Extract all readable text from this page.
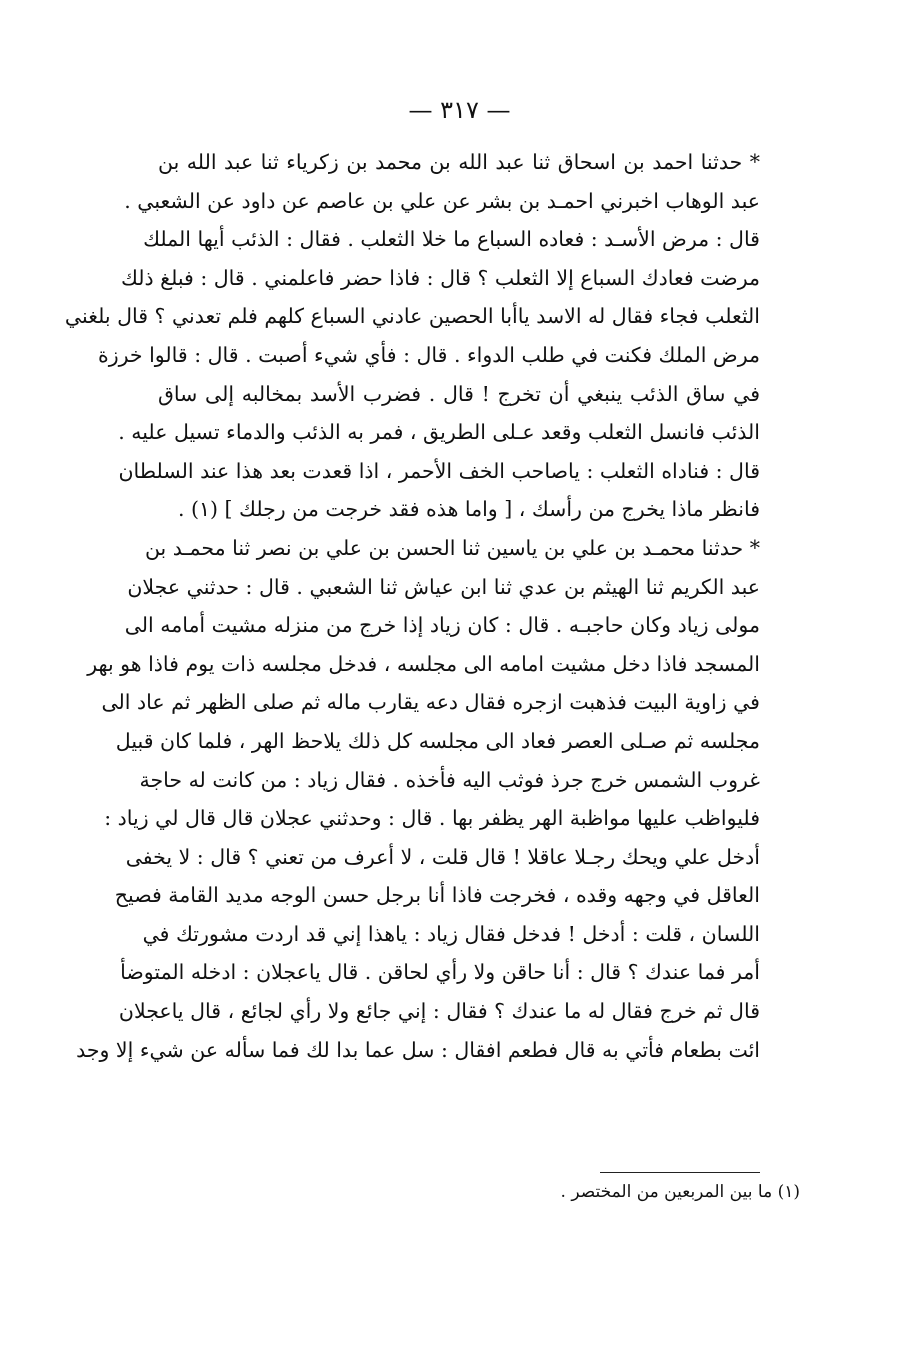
— ٣١٧ —
* حدثنا احمد بن اسحاق ثنا عبد الله بن محمد بن زكرياء ثنا عبد الله بن
عبد الوهاب اخبرني احمـد بن بشر عن علي بن عاصم عن داود عن الشعبي .
قال : مرض الأسـد : فعاده السباع ما خلا الثعلب . فقال : الذئب أيها الملك
مرضت فعادك السباع إلا الثعلب ؟ قال : فاذا حضر فاعلمني . قال : فبلغ ذلك
الثعلب فجاء فقال له الاسد ياأبا الحصين عادني السباع كلهم فلم تعدني ؟ قال بلغني
مرض الملك فكنت في طلب الدواء . قال : فأي شيء أصبت . قال : قالوا خرزة
في ساق الذئب ينبغي أن تخرج ! قال . فضرب الأسد بمخالبه إلى ساق
الذئب فانسل الثعلب وقعد عـلى الطريق ، فمر به الذئب والدماء تسيل عليه .
قال : فناداه الثعلب : ياصاحب الخف الأحمر ، اذا قعدت بعد هذا عند السلطان
فانظر ماذا يخرج من رأسك ، [ واما هذه فقد خرجت من رجلك ] (١) .
* حدثنا محمـد بن علي بن ياسين ثنا الحسن بن علي بن نصر ثنا محمـد بن
عبد الكريم ثنا الهيثم بن عدي ثنا ابن عياش ثنا الشعبي . قال : حدثني عجلان
مولى زياد وكان حاجبـه . قال : كان زياد إذا خرج من منزله مشيت أمامه الى
المسجد فاذا دخل مشيت امامه الى مجلسه ، فدخل مجلسه ذات يوم فاذا هو بهر
في زاوية البيت فذهبت ازجره فقال دعه يقارب ماله ثم صلى الظهر ثم عاد الى
مجلسه ثم صـلى العصر فعاد الى مجلسه كل ذلك يلاحظ الهر ، فلما كان قبيل
غروب الشمس خرج جرذ فوثب اليه فأخذه . فقال زياد : من كانت له حاجة
فليواظب عليها مواظبة الهر يظفر بها . قال : وحدثني عجلان قال قال لي زياد :
أدخل علي ويحك رجـلا عاقلا ! قال قلت ، لا أعرف من تعني ؟ قال : لا يخفى
العاقل في وجهه وقده ، فخرجت فاذا أنا برجل حسن الوجه مديد القامة فصيح
اللسان ، قلت : أدخل ! فدخل فقال زياد : ياهذا إني قد اردت مشورتك في
أمر فما عندك ؟ قال : أنا حاقن ولا رأي لحاقن . قال ياعجلان : ادخله المتوضأ
قال ثم خرج فقال له ما عندك ؟ فقال : إني جائع ولا رأي لجائع ، قال ياعجلان
ائت بطعام فأتي به قال فطعم افقال : سل عما بدا لك فما سأله عن شيء إلا وجد
(١) ما بين المربعين من المختصر .
